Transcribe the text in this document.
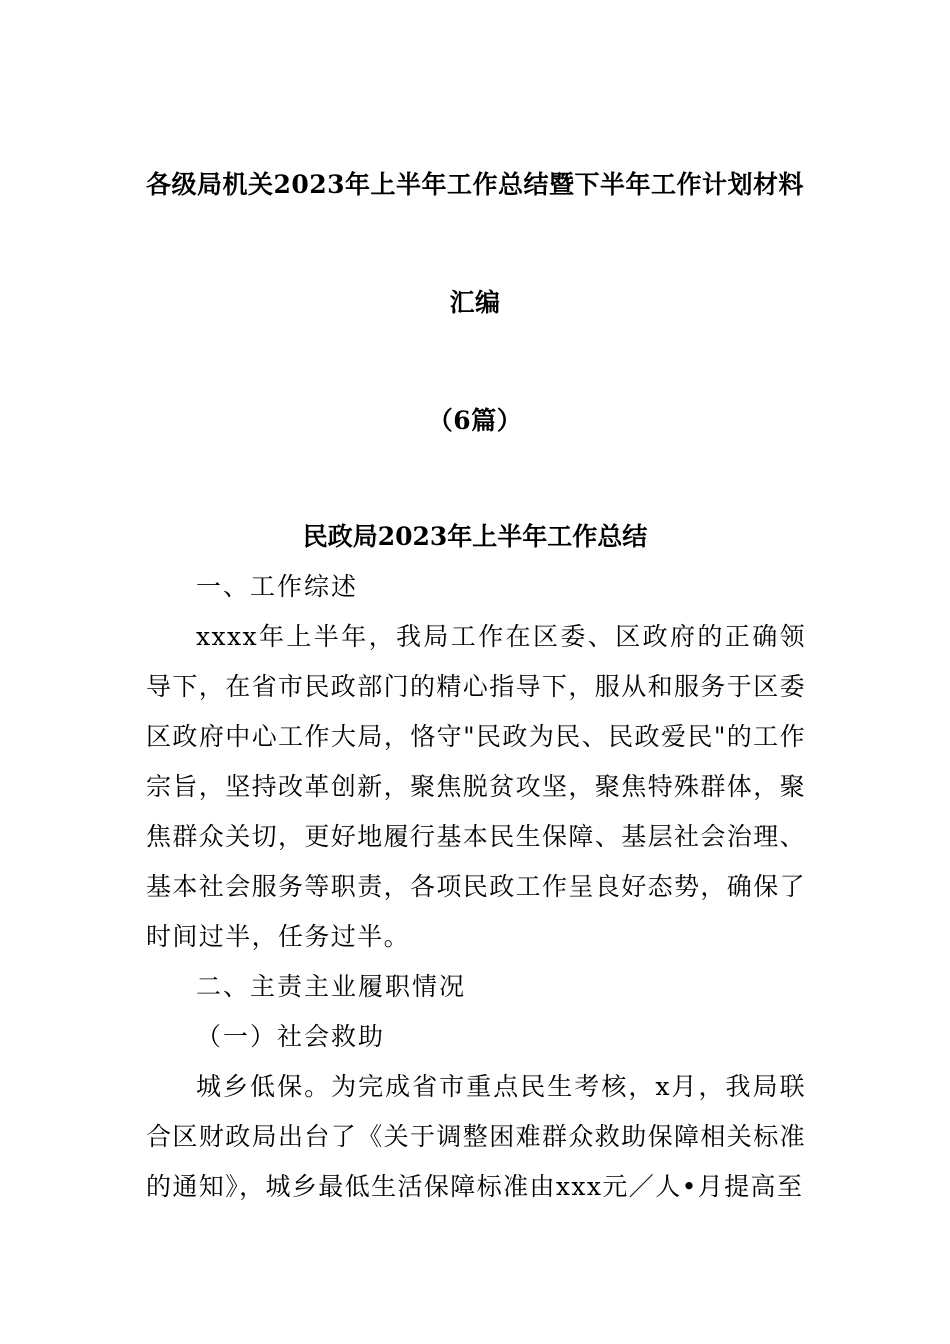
各级局机关2023年上半年工作总结暨下半年工作计划材料
汇编
（6篇）
民政局2023年上半年工作总结

一、工作综述

xxxx年上半年，我局工作在区委、区政府的正确领导下，在省市民政部门的精心指导下，服从和服务于区委区政府中心工作大局，恪守"民政为民、民政爱民"的工作宗旨，坚持改革创新，聚焦脱贫攻坚，聚焦特殊群体，聚焦群众关切，更好地履行基本民生保障、基层社会治理、基本社会服务等职责，各项民政工作呈良好态势，确保了时间过半，任务过半。

二、主责主业履职情况

（一）社会救助

城乡低保。为完成省市重点民生考核，x月，我局联合区财政局出台了《关于调整困难群众救助保障相关标准的通知》，城乡最低生活保障标准由xxx元／人•月提高至
